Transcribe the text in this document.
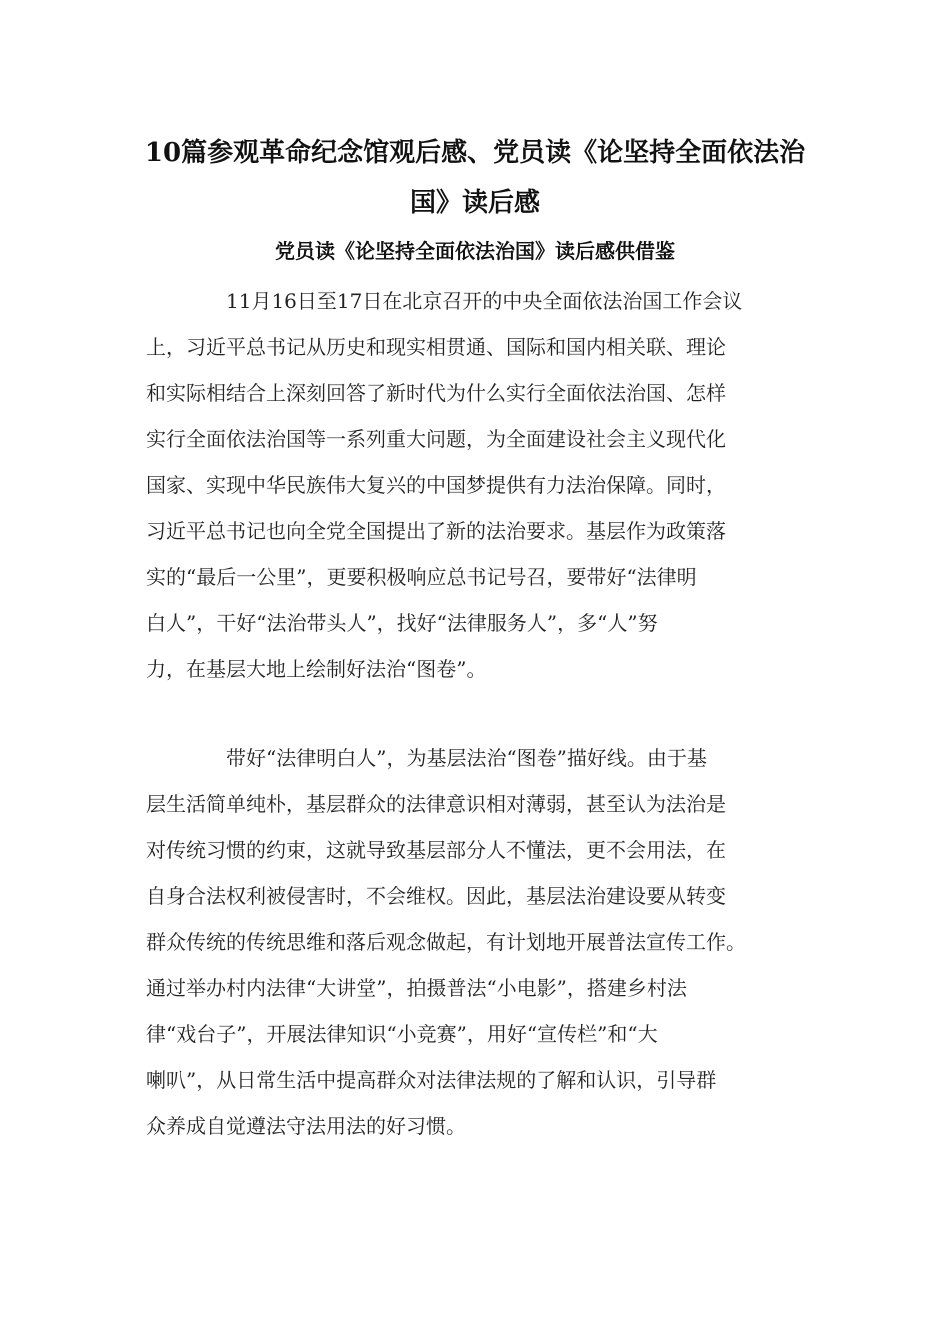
10篇参观革命纪念馆观后感、党员读《论坚持全面依法治
国》读后感
党员读《论坚持全面依法治国》读后感供借鉴
11月16日至17日在北京召开的中央全面依法治国工作会议
上，习近平总书记从历史和现实相贯通、国际和国内相关联、理论
和实际相结合上深刻回答了新时代为什么实行全面依法治国、怎样
实行全面依法治国等一系列重大问题，为全面建设社会主义现代化
国家、实现中华民族伟大复兴的中国梦提供有力法治保障。同时，
习近平总书记也向全党全国提出了新的法治要求。基层作为政策落
实的“最后一公里”，更要积极响应总书记号召，要带好“法律明
白人”，干好“法治带头人”，找好“法律服务人”，多“人”努
力，在基层大地上绘制好法治“图卷”。
带好“法律明白人”，为基层法治“图卷”描好线。由于基
层生活简单纯朴，基层群众的法律意识相对薄弱，甚至认为法治是
对传统习惯的约束，这就导致基层部分人不懂法，更不会用法，在
自身合法权利被侵害时，不会维权。因此，基层法治建设要从转变
群众传统的传统思维和落后观念做起，有计划地开展普法宣传工作。
通过举办村内法律“大讲堂”，拍摄普法“小电影”，搭建乡村法
律“戏台子”，开展法律知识“小竞赛”，用好“宣传栏”和“大
喇叭”，从日常生活中提高群众对法律法规的了解和认识，引导群
众养成自觉遵法守法用法的好习惯。
